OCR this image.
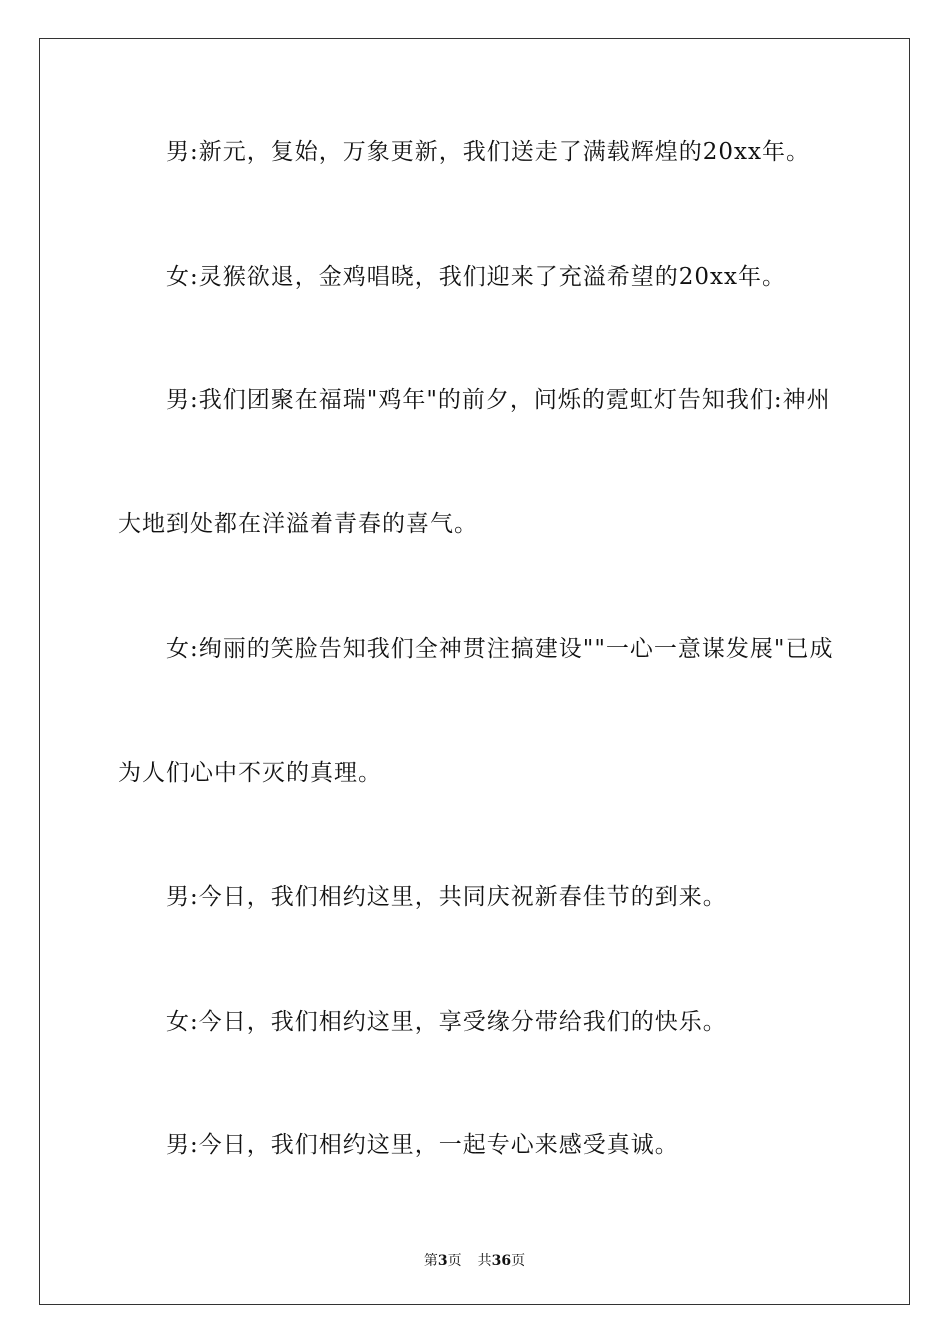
男:新元，复始，万象更新，我们送走了满载辉煌的20xx年。
女:灵猴欲退，金鸡唱晓，我们迎来了充溢希望的20xx年。
男:我们团聚在福瑞"鸡年"的前夕，问烁的霓虹灯告知我们:神州
大地到处都在洋溢着青春的喜气。
女:绚丽的笑脸告知我们全神贯注搞建设""一心一意谋发展"已成
为人们心中不灭的真理。
男:今日，我们相约这里，共同庆祝新春佳节的到来。
女:今日，我们相约这里，享受缘分带给我们的快乐。
男:今日，我们相约这里，一起专心来感受真诚。
第3页 共36页
